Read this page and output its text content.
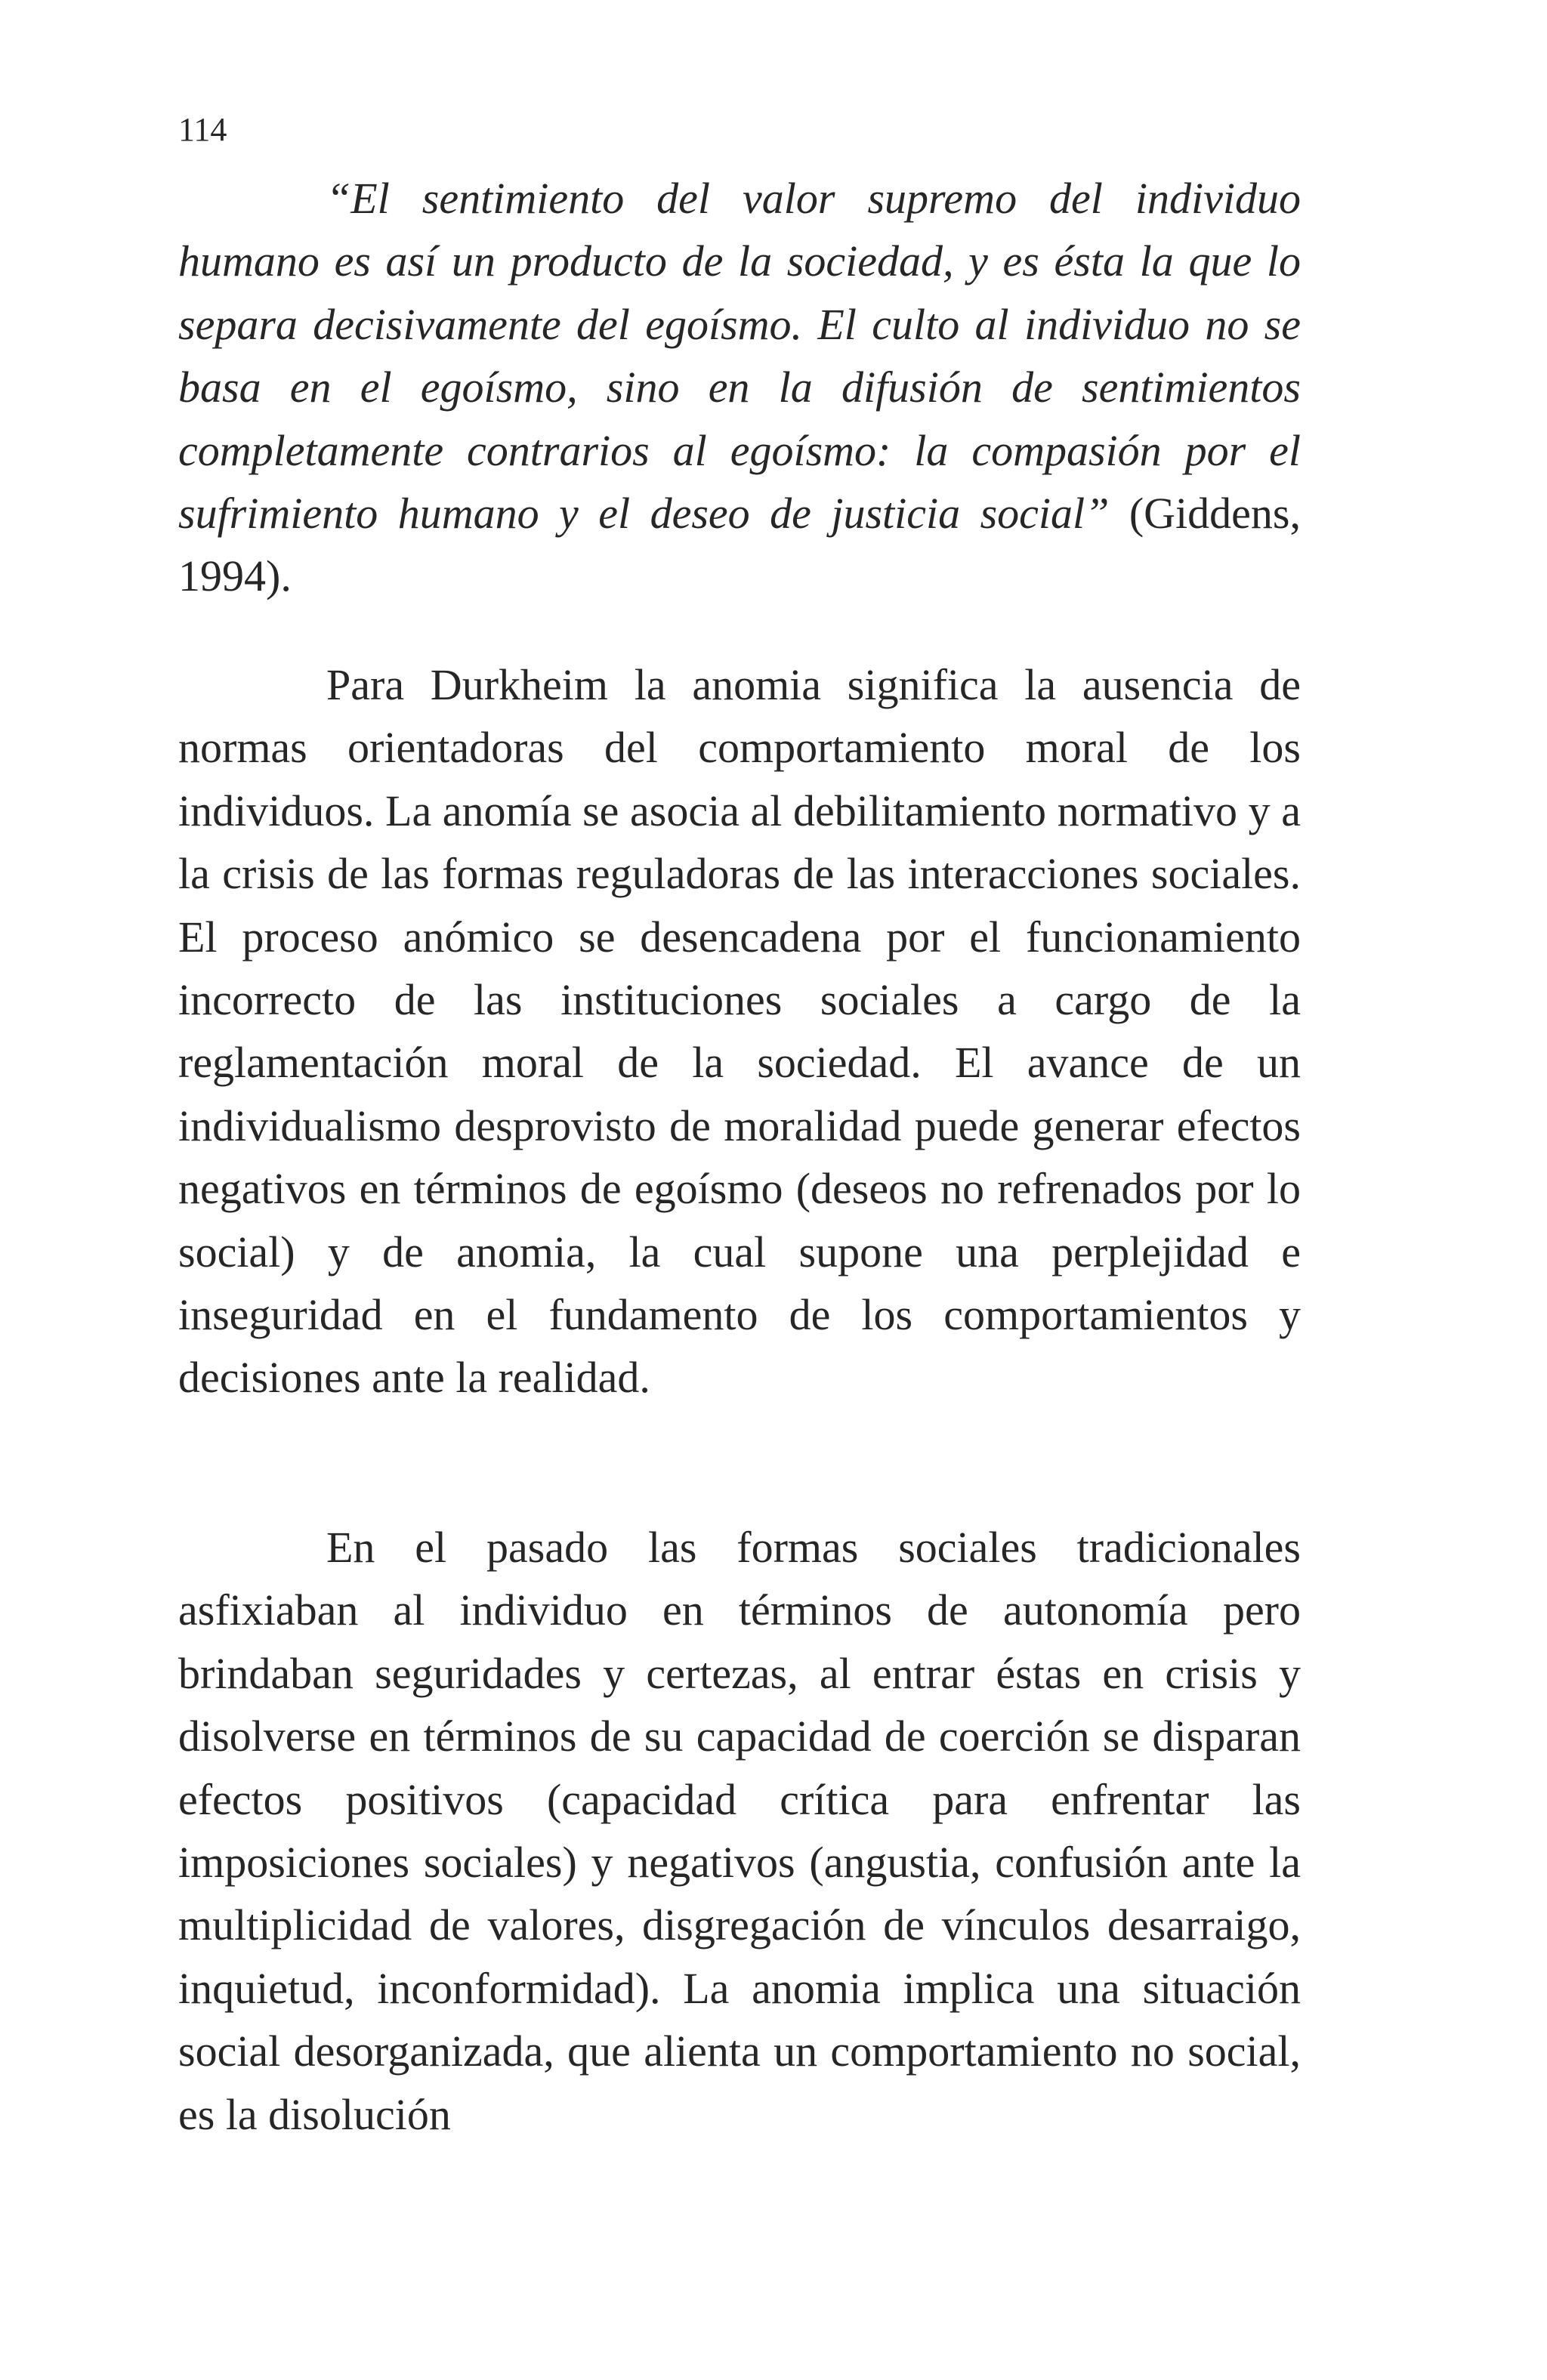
114

“El sentimiento del valor supremo del individuo humano es así un producto de la sociedad, y es ésta la que lo separa decisivamente del egoísmo. El culto al individuo no se basa en el egoísmo, sino en la difusión de sentimientos completamente contrarios al egoísmo: la compasión por el sufrimiento humano y el deseo de justicia social” (Giddens, 1994).

Para Durkheim la anomia significa la ausencia de normas orientadoras del comportamiento moral de los individuos. La anomía se asocia al debilitamiento normativo y a la crisis de las formas reguladoras de las interacciones sociales. El proceso anómico se desencadena por el funcionamiento incorrecto de las instituciones sociales a cargo de la reglamentación moral de la sociedad. El avance de un individualismo desprovisto de moralidad puede generar efectos negativos en términos de egoísmo (deseos no refrenados por lo social) y de anomia, la cual supone una perplejidad e inseguridad en el fundamento de los comportamientos y decisiones ante la realidad.

En el pasado las formas sociales tradicionales asfixiaban al individuo en términos de autonomía pero brindaban seguridades y certezas, al entrar éstas en crisis y disolverse en términos de su capacidad de coerción se disparan efectos positivos (capacidad crítica para enfrentar las imposiciones sociales) y negativos (angustia, confusión ante la multiplicidad de valores, disgregación de vínculos desarraigo, inquietud, inconformidad). La anomia implica una situación social desorganizada, que alienta un comportamiento no social, es la disolución
